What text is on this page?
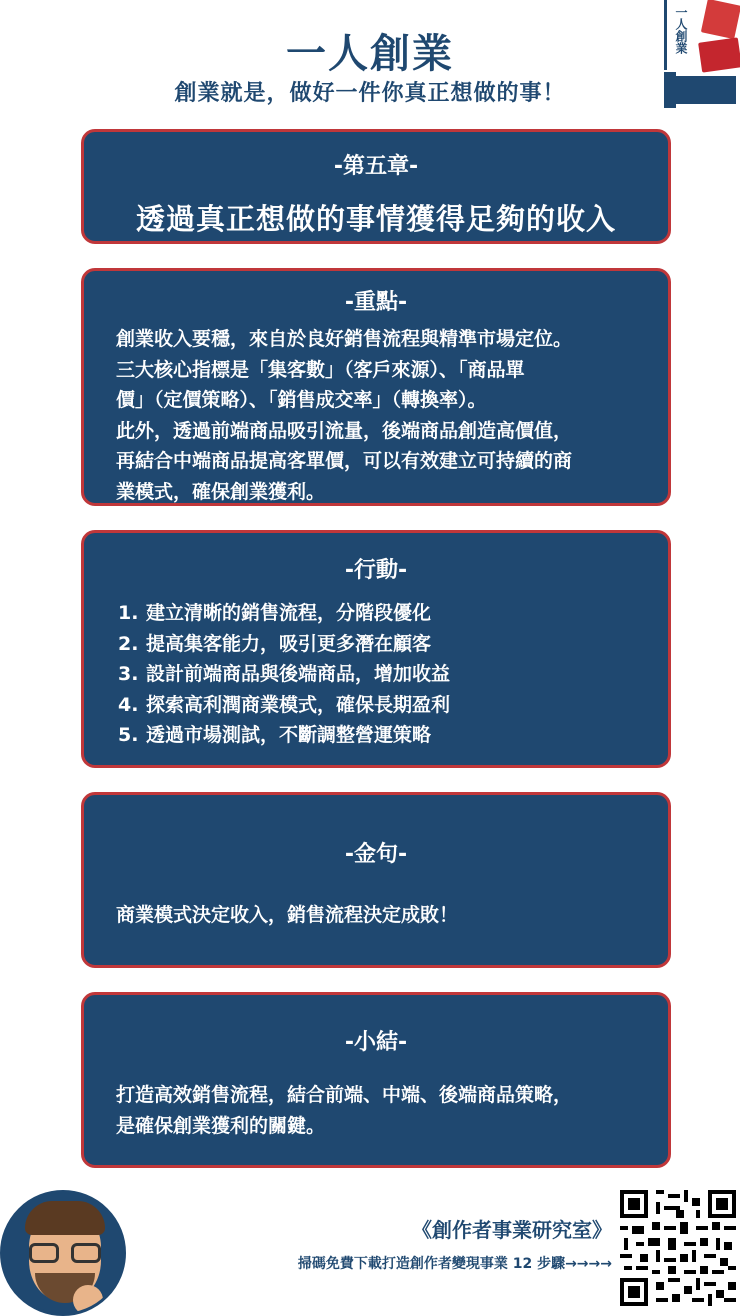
一人創業
創業就是，做好一件你真正想做的事！
一人創業
-第五章-
透過真正想做的事情獲得足夠的收入
-重點-
創業收入要穩，來自於良好銷售流程與精準市場定位。
三大核心指標是「集客數」（客戶來源）、「商品單
價」（定價策略）、「銷售成交率」（轉換率）。
此外，透過前端商品吸引流量，後端商品創造高價值，
再結合中端商品提高客單價，可以有效建立可持續的商
業模式，確保創業獲利。
-行動-
1. 建立清晰的銷售流程，分階段優化
2. 提高集客能力，吸引更多潛在顧客
3. 設計前端商品與後端商品，增加收益
4. 探索高利潤商業模式，確保長期盈利
5. 透過市場測試，不斷調整營運策略
-金句-
商業模式決定收入，銷售流程決定成敗！
-小結-
打造高效銷售流程，結合前端、中端、後端商品策略，
是確保創業獲利的關鍵。
《創作者事業研究室》
掃碼免費下載打造創作者變現事業 12 步驟→→→→
